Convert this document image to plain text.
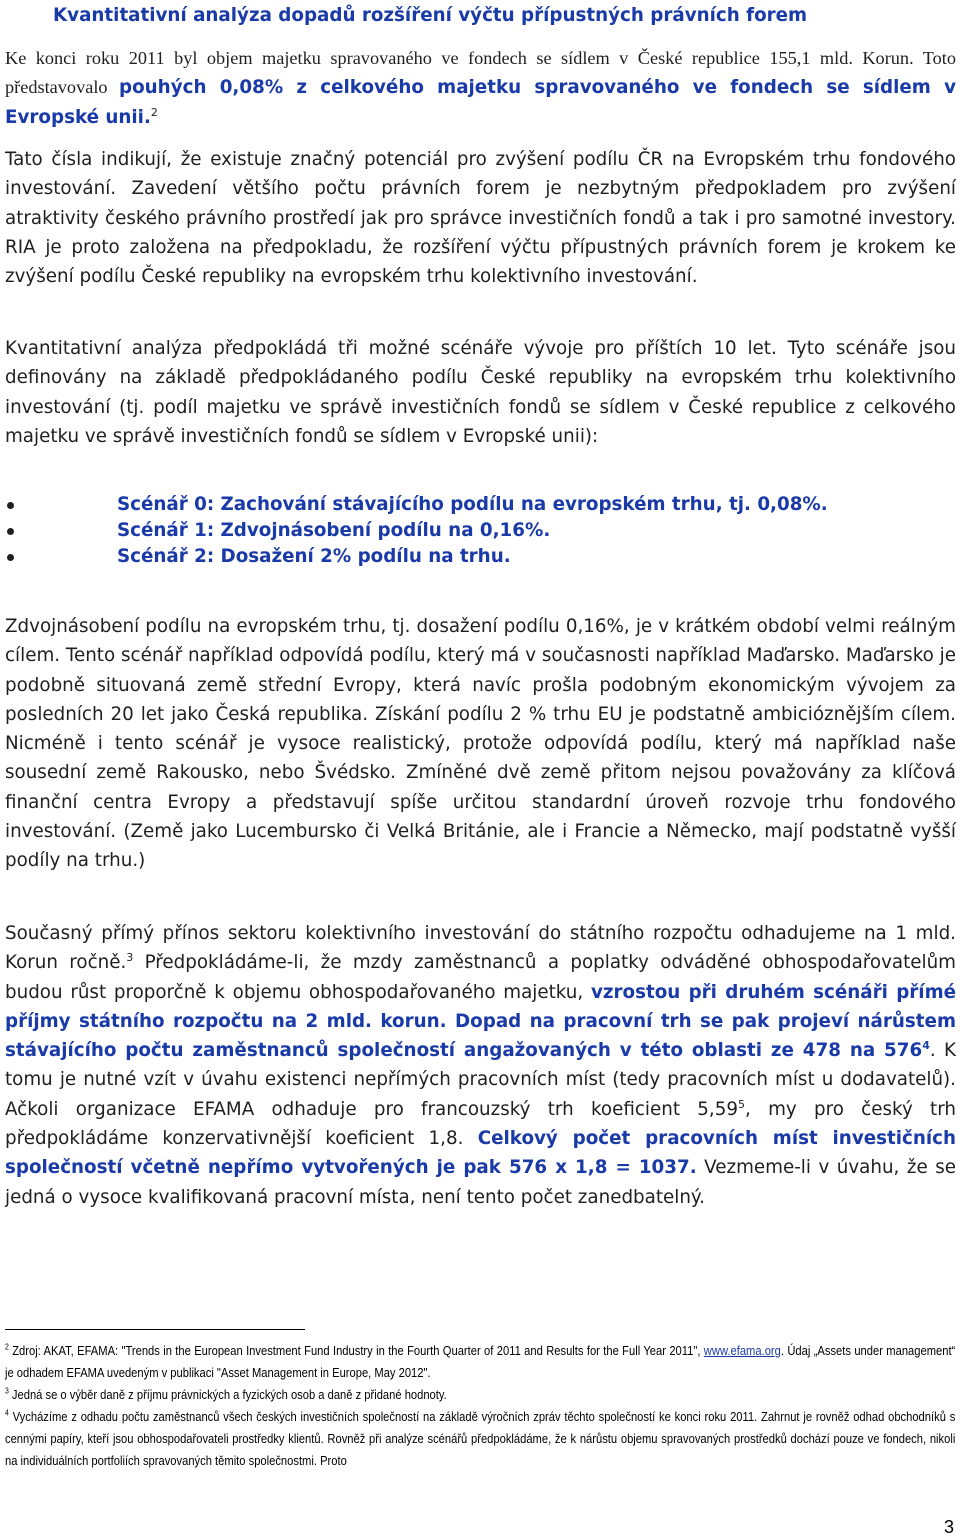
Kvantitativní analýza dopadů rozšíření výčtu přípustných právních forem

Ke konci roku 2011 byl objem majetku spravovaného ve fondech se sídlem v České republice 155,1 mld. Korun. Toto představovalo pouhých 0,08% z celkového majetku spravovaného ve fondech se sídlem v Evropské unii.$^2$

Tato čísla indikují, že existuje značný potenciál pro zvýšení podílu ČR na Evropském trhu fondového investování. Zavedení většího počtu právních forem je nezbytným předpokladem pro zvýšení atraktivity českého právního prostředí jak pro správce investičních fondů a tak i pro samotné investory. RIA je proto založena na předpokladu, že rozšíření výčtu přípustných právních forem je krokem ke zvýšení podílu České republiky na evropském trhu kolektivního investování.

Kvantitativní analýza předpokládá tři možné scénáře vývoje pro příštích 10 let. Tyto scénáře jsou definovány na základě předpokládaného podílu České republiky na evropském trhu kolektivního investování (tj. podíl majetku ve správě investičních fondů se sídlem v České republice z celkového majetku ve správě investičních fondů se sídlem v Evropské unii):

Scénář 0: Zachování stávajícího podílu na evropském trhu, tj. 0,08%.
Scénář 1: Zdvojnásobení podílu na 0,16%.
Scénář 2: Dosažení 2% podílu na trhu.

Zdvojnásobení podílu na evropském trhu, tj. dosažení podílu 0,16%, je v krátkém období velmi reálným cílem. Tento scénář například odpovídá podílu, který má v současnosti například Maďarsko. Maďarsko je podobně situovaná země střední Evropy, která navíc prošla podobným ekonomickým vývojem za posledních 20 let jako Česká republika. Získání podílu 2 % trhu EU je podstatně ambicióznějším cílem. Nicméně i tento scénář je vysoce realistický, protože odpovídá podílu, který má například naše sousední země Rakousko, nebo Švédsko. Zmíněné dvě země přitom nejsou považovány za klíčová finanční centra Evropy a představují spíše určitou standardní úroveň rozvoje trhu fondového investování. (Země jako Lucembursko či Velká Británie, ale i Francie a Německo, mají podstatně vyšší podíly na trhu.)

Současný přímý přínos sektoru kolektivního investování do státního rozpočtu odhadujeme na 1 mld. Korun ročně.$^3$ Předpokládáme-li, že mzdy zaměstnanců a poplatky odváděné obhospodařovatelům budou růst proporčně k objemu obhospodařovaného majetku, vzrostou při druhém scénáři přímé příjmy státního rozpočtu na 2 mld. korun. Dopad na pracovní trh se pak projeví nárůstem stávajícího počtu zaměstnanců společností angažovaných v této oblasti ze 478 na $576^4$. K tomu je nutné vzít v úvahu existenci nepřímých pracovních míst (tedy pracovních míst u dodavatelů). Ačkoli organizace EFAMA odhaduje pro francouzský trh koeficient 5,59$^5$, my pro český trh předpokládáme konzervativnější koeficient 1,8. Celkový počet pracovních míst investičních společností včetně nepřímo vytvořených je pak 576 x 1,8 = 1037. Vezmeme-li v úvahu, že se jedná o vysoce kvalifikovaná pracovní místa, není tento počet zanedbatelný.

$^2$ Zdroj: AKAT, EFAMA: "Trends in the European Investment Fund Industry in the Fourth Quarter of 2011 and Results for the Full Year 2011", www.efama.org. Údaj „Assets under management“ je odhadem EFAMA uvedeným v publikaci "Asset Management in Europe, May 2012".

$^3$ Jedná se o výběr daně z příjmu právnických a fyzických osob a daně z přidané hodnoty.

$^4$ Vycházíme z odhadu počtu zaměstnanců všech českých investičních společností na základě výročních zpráv těchto společností ke konci roku 2011. Zahrnut je rovněž odhad obchodníků s cennými papíry, kteří jsou obhospodařovateli prostředky klientů. Rovněž při analýze scénářů předpokládáme, že k nárůstu objemu spravovaných prostředků dochází pouze ve fondech, nikoli na individuálních portfoliích spravovaných těmito společnostmi. Proto

3
